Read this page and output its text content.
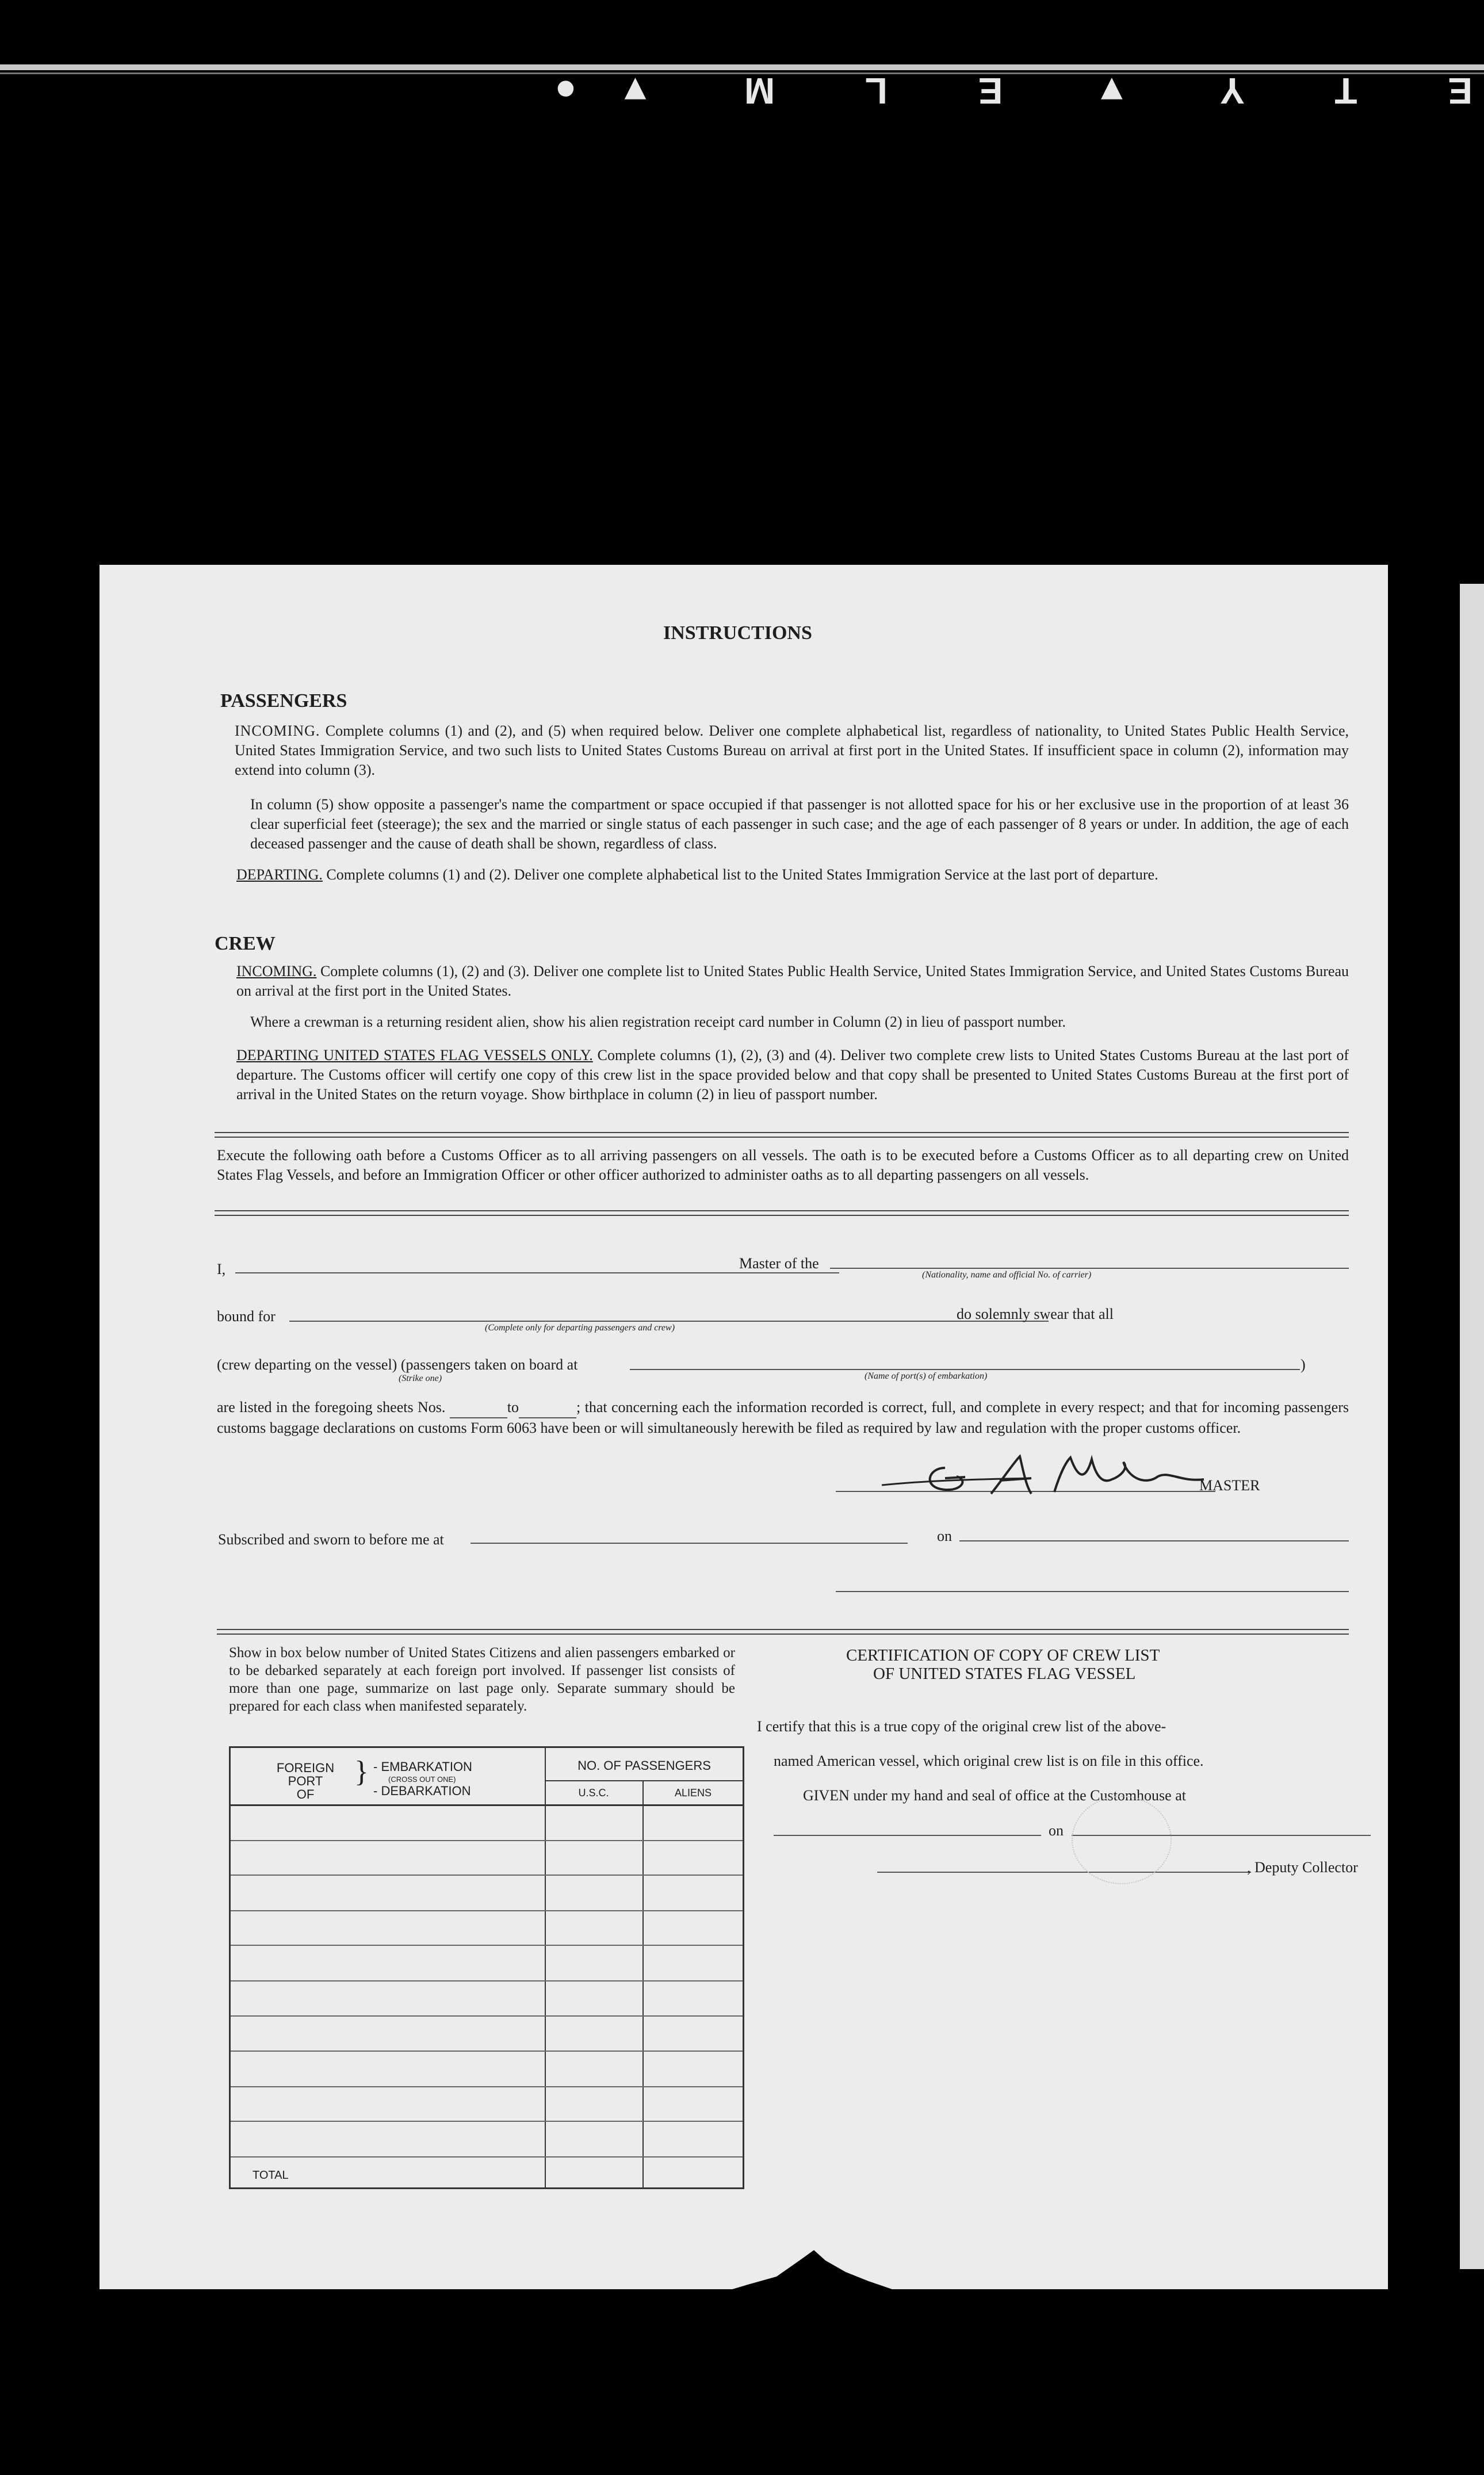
E T Y ▼ E L M ▼●
INSTRUCTIONS
PASSENGERS

INCOMING. Complete columns (1) and (2), and (5) when required below. Deliver one complete alphabetical list, regardless of nationality, to United States Public Health Service, United States Immigration Service, and two such lists to United States Customs Bureau on arrival at first port in the United States. If insufficient space in column (2), information may extend into column (3).

In column (5) show opposite a passenger's name the compartment or space occupied if that passenger is not allotted space for his or her exclusive use in the proportion of at least 36 clear superficial feet (steerage); the sex and the married or single status of each passenger in such case; and the age of each passenger of 8 years or under. In addition, the age of each deceased passenger and the cause of death shall be shown, regardless of class.

DEPARTING. Complete columns (1) and (2). Deliver one complete alphabetical list to the United States Immigration Service at the last port of departure.

CREW

INCOMING. Complete columns (1), (2) and (3). Deliver one complete list to United States Public Health Service, United States Immigration Service, and United States Customs Bureau on arrival at the first port in the United States.

Where a crewman is a returning resident alien, show his alien registration receipt card number in Column (2) in lieu of passport number.

DEPARTING UNITED STATES FLAG VESSELS ONLY. Complete columns (1), (2), (3) and (4). Deliver two complete crew lists to United States Customs Bureau at the last port of departure. The Customs officer will certify one copy of this crew list in the space provided below and that copy shall be presented to United States Customs Bureau at the first port of arrival in the United States on the return voyage. Show birthplace in column (2) in lieu of passport number.

Execute the following oath before a Customs Officer as to all arriving passengers on all vessels. The oath is to be executed before a Customs Officer as to all departing crew on United States Flag Vessels, and before an Immigration Officer or other officer authorized to administer oaths as to all departing passengers on all vessels.

I,	Master of the
(Nationality, name and official No. of carrier)
bound for
(Complete only for departing passengers and crew)
do solemnly swear that all
(crew departing on the vessel) (passengers taken on board at
(Strike one)	(Name of port(s) of embarkation)
)

are listed in the foregoing sheets Nos.	to	; that concerning each the information recorded is correct, full, and complete in every respect; and that for incoming passengers customs baggage declarations on customs Form 6063 have been or will simultaneously herewith be filed as required by law and regulation with the proper customs officer.

E. A. Nelson
MASTER
Subscribed and sworn to before me at	on

Show in box below number of United States Citizens and alien passengers embarked or to be debarked separately at each foreign port involved. If passenger list consists of more than one page, summarize on last page only. Separate summary should be prepared for each class when manifested separately.

CERTIFICATION OF COPY OF CREW LIST
OF UNITED STATES FLAG VESSEL
I certify that this is a true copy of the original crew list of the above-
named American vessel, which original crew list is on file in this office.
GIVEN under my hand and seal of office at the Customhouse at
on
, Deputy Collector
FOREIGN
PORT
OF
} - EMBARKATION
(CROSS OUT ONE)
- DEBARKATION
NO. OF PASSENGERS
U.S.C.	ALIENS
TOTAL
